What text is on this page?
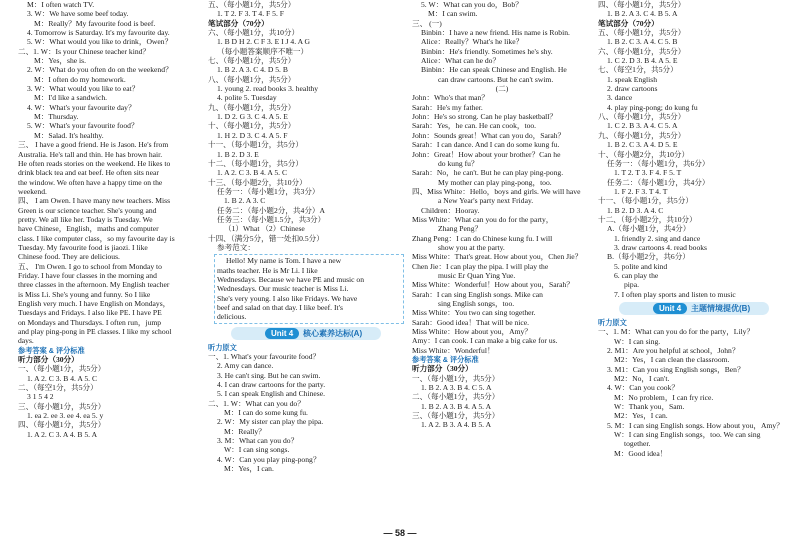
M：I often watch TV.
3. W：We have some beef today.
M：Really？My favourite food is beef.
4. Tomorrow is Saturday. It's my favourite day.
5. W：What would you like to drink，Owen？
二、1. W：Is your Chinese teacher kind？
M：Yes，she is.
2. W：What do you often do on the weekend？
M：I often do my homework.
3. W：What would you like to eat？
M：I'd like a sandwich.
4. W：What's your favourite day？
M：Thursday.
5. W：What's your favourite food？
M：Salad. It's healthy.
三、 I have a good friend. He is Jason. He's from
Australia. He's tall and thin. He has brown hair.
He often reads stories on the weekend. He likes to
drink black tea and eat beef. He often sits near
the window. We often have a happy time on the
weekend.
四、 I am Owen. I have many new teachers. Miss
Green is our science teacher. She's young and
pretty. We all like her. Today is Tuesday. We
have Chinese，English，maths and computer
class. I like computer class，so my favourite day is
Tuesday. My favourite food is jiaozi. I like
Chinese food. They are delicious.
五、 I'm Owen. I go to school from Monday to
Friday. I have four classes in the morning and
three classes in the afternoon. My English teacher
is Miss Li. She's young and funny. So I like
English very much. I have English on Mondays，
Tuesdays and Fridays. I also like PE. I have PE
on Mondays and Thursdays. I often run，jump
and play ping-pong in PE classes. I like my school
days.
参考答案 & 评分标准
听力部分（30分）
一、（每小题1分，共5分）
1. A 2. C 3. B 4. A 5. C
二、（每空1分，共5分）
3 1 5 4 2
三、（每小题1分，共5分）
1. ea 2. ee 3. ee 4. ea 5. y
四、（每小题1分，共5分）
1. A 2. C 3. A 4. B 5. A
五、（每小题1分，共5分）
1. T 2. F 3. T 4. F 5. F
笔试部分（70分）
六、（每小题1分，共10分）
1. B D H 2. C F 3. E I J 4. A G
（每小题答案顺序不唯一）
七、（每小题1分，共5分）
1. B 2. A 3. C 4. D 5. B
八、（每小题1分，共5分）
1. young 2. read books 3. healthy
4. polite 5. Tuesday
九、（每小题1分，共5分）
1. D 2. G 3. C 4. A 5. E
十、（每小题1分，共5分）
1. H 2. D 3. C 4. A 5. F
十一、（每小题1分，共5分）
1. B 2. D 3. E
十二、（每小题1分，共5分）
1. A 2. C 3. B 4. A 5. C
十三、（每小题2分，共10分）
任务一：（每小题1分，共3分）
1. B 2. A 3. C
任务二：（每小题2分，共4分）A
任务三：（每小题1.5分，共3分）
（1）What （2）Chinese
十四、（满分5分，错一处扣0.5分）
参考范文：
Hello! My name is Tom. I have a new
maths teacher. He is Mr Li. I like
Wednesdays. Because we have PE and music on
Wednesdays. Our music teacher is Miss Li.
She's very young. I also like Fridays. We have
beef and salad on that day. I like beef. It's
delicious.
Unit 4	核心素养达标(A)
听力原文
一、1. What's your favourite food？
2. Amy can dance.
3. He can't sing. But he can swim.
4. I can draw cartoons for the party.
5. I can speak English and Chinese.
二、1. W：What can you do？
M：I can do some kung fu.
2. W：My sister can play the pipa.
M：Really？
3. M：What can you do？
W：I can sing songs.
4. W：Can you play ping-pong？
M：Yes，I can.
5. W：What can you do，Bob？
M：I can swim.
三、 (一)
Binbin：I have a new friend. His name is Robin.
Alice：Really？What's he like？
Binbin：He's friendly. Sometimes he's shy.
Alice：What can he do？
Binbin：He can speak Chinese and English. He
can draw cartoons. But he can't swim.
(二)
John：Who's that man？
Sarah：He's my father.
John：He's so strong. Can he play basketball？
Sarah：Yes，he can. He can cook，too.
John：Sounds great！What can you do，Sarah？
Sarah：I can dance. And I can do some kung fu.
John：Great！How about your brother？Can he
do kung fu？
Sarah：No，he can't. But he can play ping-pong.
My mother can play ping-pong，too.
四、Miss White：Hello，boys and girls. We will have
a New Year's party next Friday.
Children：Hooray.
Miss White：What can you do for the party，
Zhang Peng？
Zhang Peng：I can do Chinese kung fu. I will
show you at the party.
Miss White：That's great. How about you，Chen Jie？
Chen Jie：I can play the pipa. I will play the
music Er Quan Ying Yue.
Miss White：Wonderful！How about you，Sarah？
Sarah：I can sing English songs. Mike can
sing English songs，too.
Miss White：You two can sing together.
Sarah：Good idea！That will be nice.
Miss White：How about you，Amy？
Amy：I can cook. I can make a big cake for us.
Miss White：Wonderful！
参考答案 & 评分标准
听力部分（30分）
一、（每小题1分，共5分）
1. B 2. A 3. B 4. C 5. A
二、（每小题1分，共5分）
1. B 2. A 3. B 4. A 5. A
三、（每小题1分，共5分）
1. A 2. B 3. A 4. B 5. A
四、（每小题1分，共5分）
1. B 2. A 3. C 4. B 5. A
笔试部分（70分）
五、（每小题1分，共5分）
1. B 2. C 3. A 4. C 5. B
六、（每小题1分，共5分）
1. C 2. D 3. B 4. A 5. E
七、（每空1分，共5分）
1. speak English
2. draw cartoons
3. dance
4. play ping-pong; do kung fu
八、（每小题1分，共5分）
1. C 2. B 3. A 4. C 5. A
九、（每小题1分，共5分）
1. B 2. C 3. A 4. D 5. E
十、（每小题2分，共10分）
任务一：（每小题1分，共6分）
1. T 2. T 3. F 4. F 5. T
任务二：（每小题1分，共4分）
1. F 2. F 3. T 4. T
十一、（每小题1分，共5分）
1. B 2. D 3. A 4. C
十二、（每小题2分，共10分）
A.（每小题1分，共4分）
1. friendly 2. sing and dance
3. draw cartoons 4. read books
B.（每小题2分，共6分）
5. polite and kind
6. can play the
pipa.
7. I often play sports and listen to music
Unit 4	主题情境提优(B)
听力原文
一、1. M：What can you do for the party，Lily？
W：I can sing.
2. M1：Are you helpful at school，John？
M2：Yes，I can clean the classroom.
3. M1：Can you sing English songs，Ben？
M2：No，I can't.
4. W：Can you cook？
M：No problem，I can fry rice.
W：Thank you，Sam.
M2：Yes，I can.
5. M：I can sing English songs. How about you，Amy？
W：I can sing English songs，too. We can sing
together.
M：Good idea！
— 58 —
